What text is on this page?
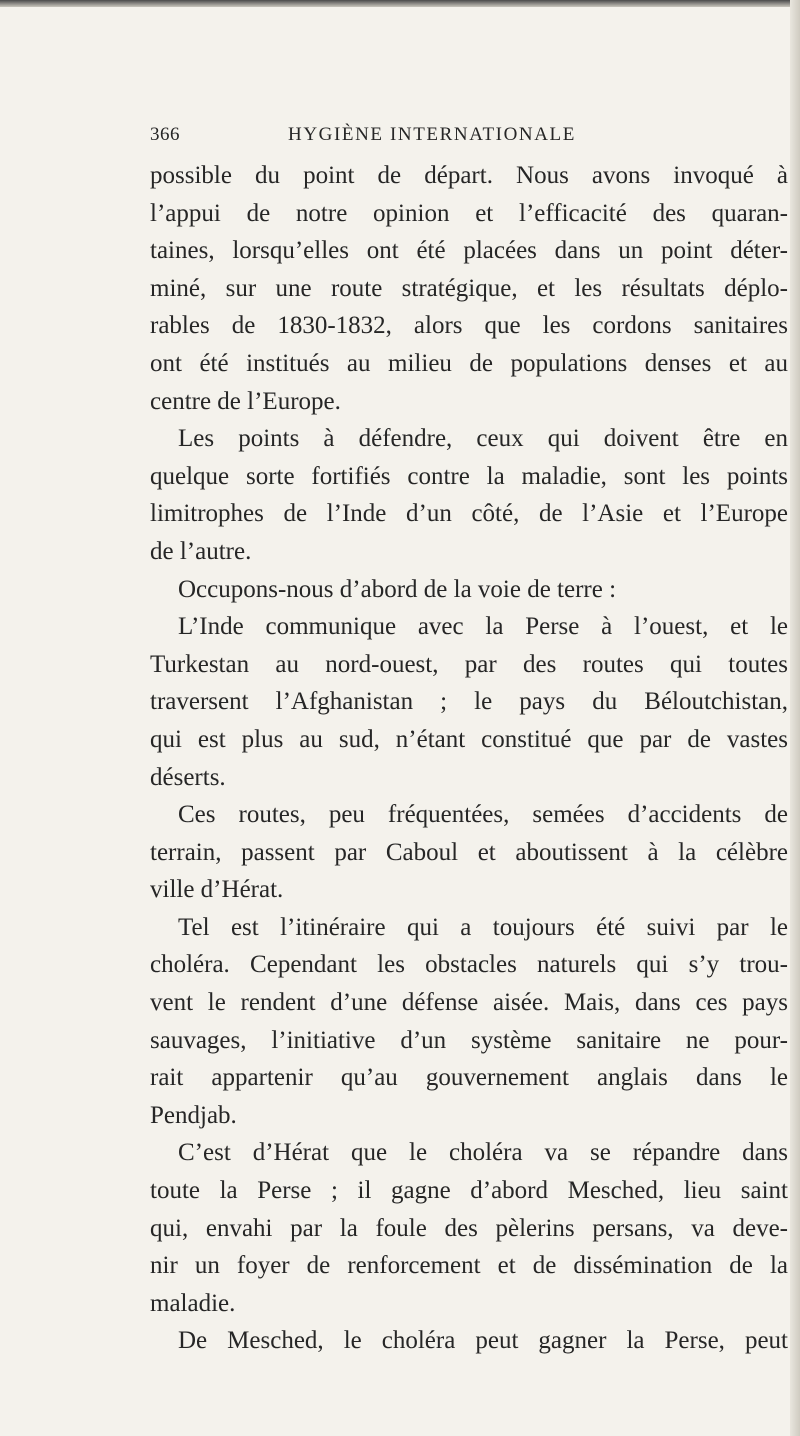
366	HYGIÈNE INTERNATIONALE
possible du point de départ. Nous avons invoqué à
l’appui de notre opinion et l’efficacité des quaran-
taines, lorsqu’elles ont été placées dans un point déter-
miné, sur une route stratégique, et les résultats déplo-
rables de 1830-1832, alors que les cordons sanitaires
ont été institués au milieu de populations denses et au
centre de l’Europe.
Les points à défendre, ceux qui doivent être en
quelque sorte fortifiés contre la maladie, sont les points
limitrophes de l’Inde d’un côté, de l’Asie et l’Europe
de l’autre.
Occupons-nous d’abord de la voie de terre :
L’Inde communique avec la Perse à l’ouest, et le
Turkestan au nord-ouest, par des routes qui toutes
traversent l’Afghanistan ; le pays du Béloutchistan,
qui est plus au sud, n’étant constitué que par de vastes
déserts.
Ces routes, peu fréquentées, semées d’accidents de
terrain, passent par Caboul et aboutissent à la célèbre
ville d’Hérat.
Tel est l’itinéraire qui a toujours été suivi par le
choléra. Cependant les obstacles naturels qui s’y trou-
vent le rendent d’une défense aisée. Mais, dans ces pays
sauvages, l’initiative d’un système sanitaire ne pour-
rait appartenir qu’au gouvernement anglais dans le
Pendjab.
C’est d’Hérat que le choléra va se répandre dans
toute la Perse ; il gagne d’abord Mesched, lieu saint
qui, envahi par la foule des pèlerins persans, va deve-
nir un foyer de renforcement et de dissémination de la
maladie.
De Mesched, le choléra peut gagner la Perse, peut
